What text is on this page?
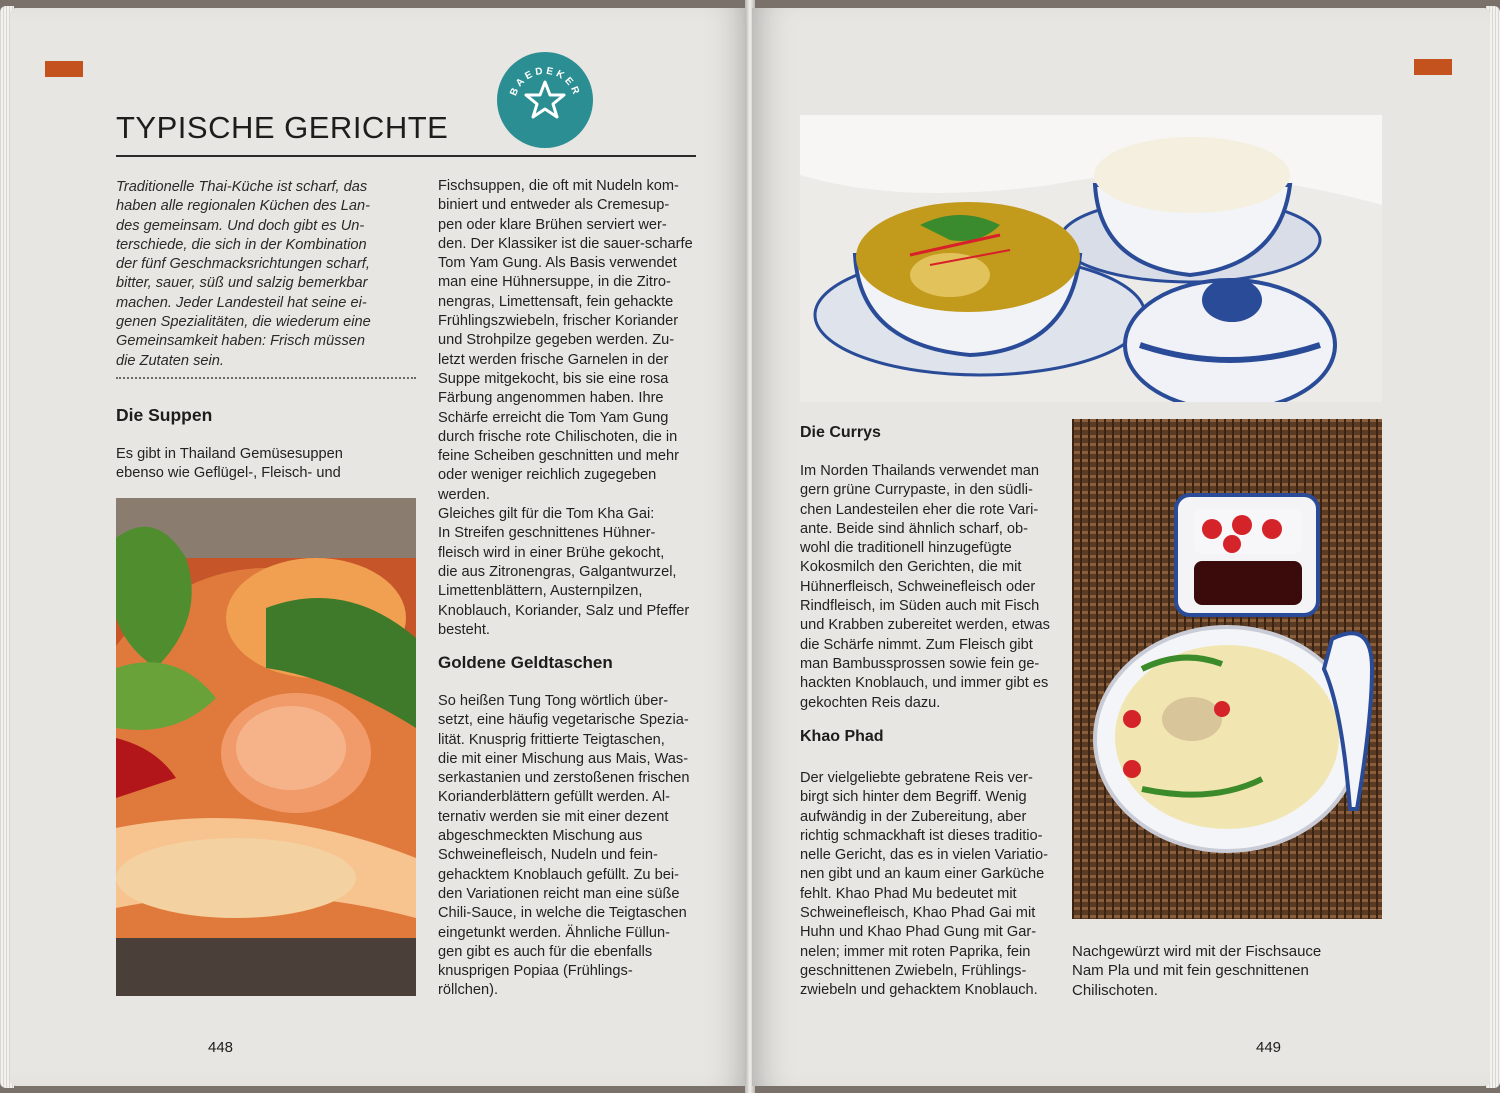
TYPISCHE GERICHTE
BAEDEKER
Traditionelle Thai-Küche ist scharf, das
haben alle regionalen Küchen des Lan-
des gemeinsam. Und doch gibt es Un-
terschiede, die sich in der Kombination
der fünf Geschmacksrichtungen scharf,
bitter, sauer, süß und salzig bemerkbar
machen. Jeder Landesteil hat seine ei-
genen Spezialitäten, die wiederum eine
Gemeinsamkeit haben: Frisch müssen
die Zutaten sein.
Die Suppen
Es gibt in Thailand Gemüsesuppen
ebenso wie Geflügel-, Fleisch- und
Fischsuppen, die oft mit Nudeln kom-
biniert und entweder als Cremesup-
pen oder klare Brühen serviert wer-
den. Der Klassiker ist die sauer-scharfe
Tom Yam Gung. Als Basis verwendet
man eine Hühnersuppe, in die Zitro-
nengras, Limettensaft, fein gehackte
Frühlingszwiebeln, frischer Koriander
und Strohpilze gegeben werden. Zu-
letzt werden frische Garnelen in der
Suppe mitgekocht, bis sie eine rosa
Färbung angenommen haben. Ihre
Schärfe erreicht die Tom Yam Gung
durch frische rote Chilischoten, die in
feine Scheiben geschnitten und mehr
oder weniger reichlich zugegeben
werden.
Gleiches gilt für die Tom Kha Gai:
In Streifen geschnittenes Hühner-
fleisch wird in einer Brühe gekocht,
die aus Zitronengras, Galgantwurzel,
Limettenblättern, Austernpilzen,
Knoblauch, Koriander, Salz und Pfeffer
besteht.
Goldene Geldtaschen
So heißen Tung Tong wörtlich über-
setzt, eine häufig vegetarische Spezia-
lität. Knusprig frittierte Teigtaschen,
die mit einer Mischung aus Mais, Was-
serkastanien und zerstoßenen frischen
Korianderblättern gefüllt werden. Al-
ternativ werden sie mit einer dezent
abgeschmeckten Mischung aus
Schweinefleisch, Nudeln und fein-
gehacktem Knoblauch gefüllt. Zu bei-
den Variationen reicht man eine süße
Chili-Sauce, in welche die Teigtaschen
eingetunkt werden. Ähnliche Füllun-
gen gibt es auch für die ebenfalls
knusprigen Popiaa (Frühlings-
röllchen).
448
Die Currys
Im Norden Thailands verwendet man
gern grüne Currypaste, in den südli-
chen Landesteilen eher die rote Vari-
ante. Beide sind ähnlich scharf, ob-
wohl die traditionell hinzugefügte
Kokosmilch den Gerichten, die mit
Hühnerfleisch, Schweinefleisch oder
Rindfleisch, im Süden auch mit Fisch
und Krabben zubereitet werden, etwas
die Schärfe nimmt. Zum Fleisch gibt
man Bambussprossen sowie fein ge-
hackten Knoblauch, und immer gibt es
gekochten Reis dazu.
Khao Phad
Der vielgeliebte gebratene Reis ver-
birgt sich hinter dem Begriff. Wenig
aufwändig in der Zubereitung, aber
richtig schmackhaft ist dieses traditio-
nelle Gericht, das es in vielen Variatio-
nen gibt und an kaum einer Garküche
fehlt. Khao Phad Mu bedeutet mit
Schweinefleisch, Khao Phad Gai mit
Huhn und Khao Phad Gung mit Gar-
nelen; immer mit roten Paprika, fein
geschnittenen Zwiebeln, Frühlings-
zwiebeln und gehacktem Knoblauch.
Nachgewürzt wird mit der Fischsauce
Nam Pla und mit fein geschnittenen
Chilischoten.
449
